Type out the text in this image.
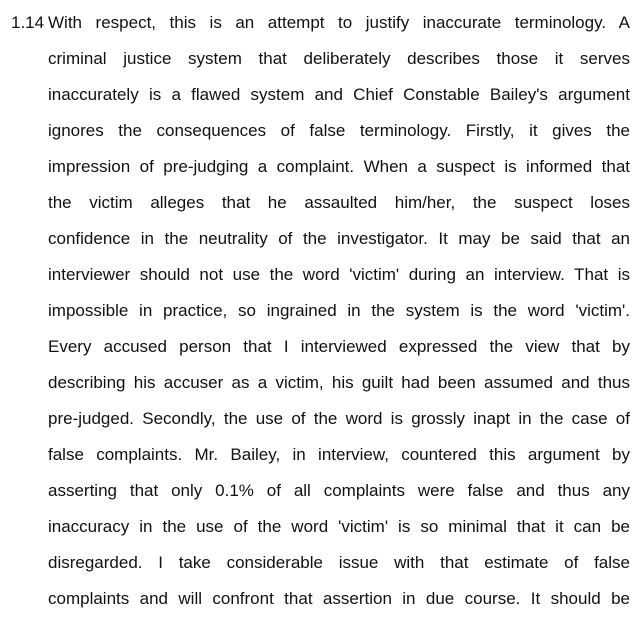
1.14 With respect, this is an attempt to justify inaccurate terminology. A
criminal justice system that deliberately describes those it serves
inaccurately is a flawed system and Chief Constable Bailey's argument
ignores the consequences of false terminology. Firstly, it gives the
impression of pre-judging a complaint. When a suspect is informed that
the victim alleges that he assaulted him/her, the suspect loses
confidence in the neutrality of the investigator. It may be said that an
interviewer should not use the word 'victim' during an interview. That is
impossible in practice, so ingrained in the system is the word 'victim'.
Every accused person that I interviewed expressed the view that by
describing his accuser as a victim, his guilt had been assumed and thus
pre-judged. Secondly, the use of the word is grossly inapt in the case of
false complaints. Mr. Bailey, in interview, countered this argument by
asserting that only 0.1% of all complaints were false and thus any
inaccuracy in the use of the word 'victim' is so minimal that it can be
disregarded. I take considerable issue with that estimate of false
complaints and will confront that assertion in due course. It should be
